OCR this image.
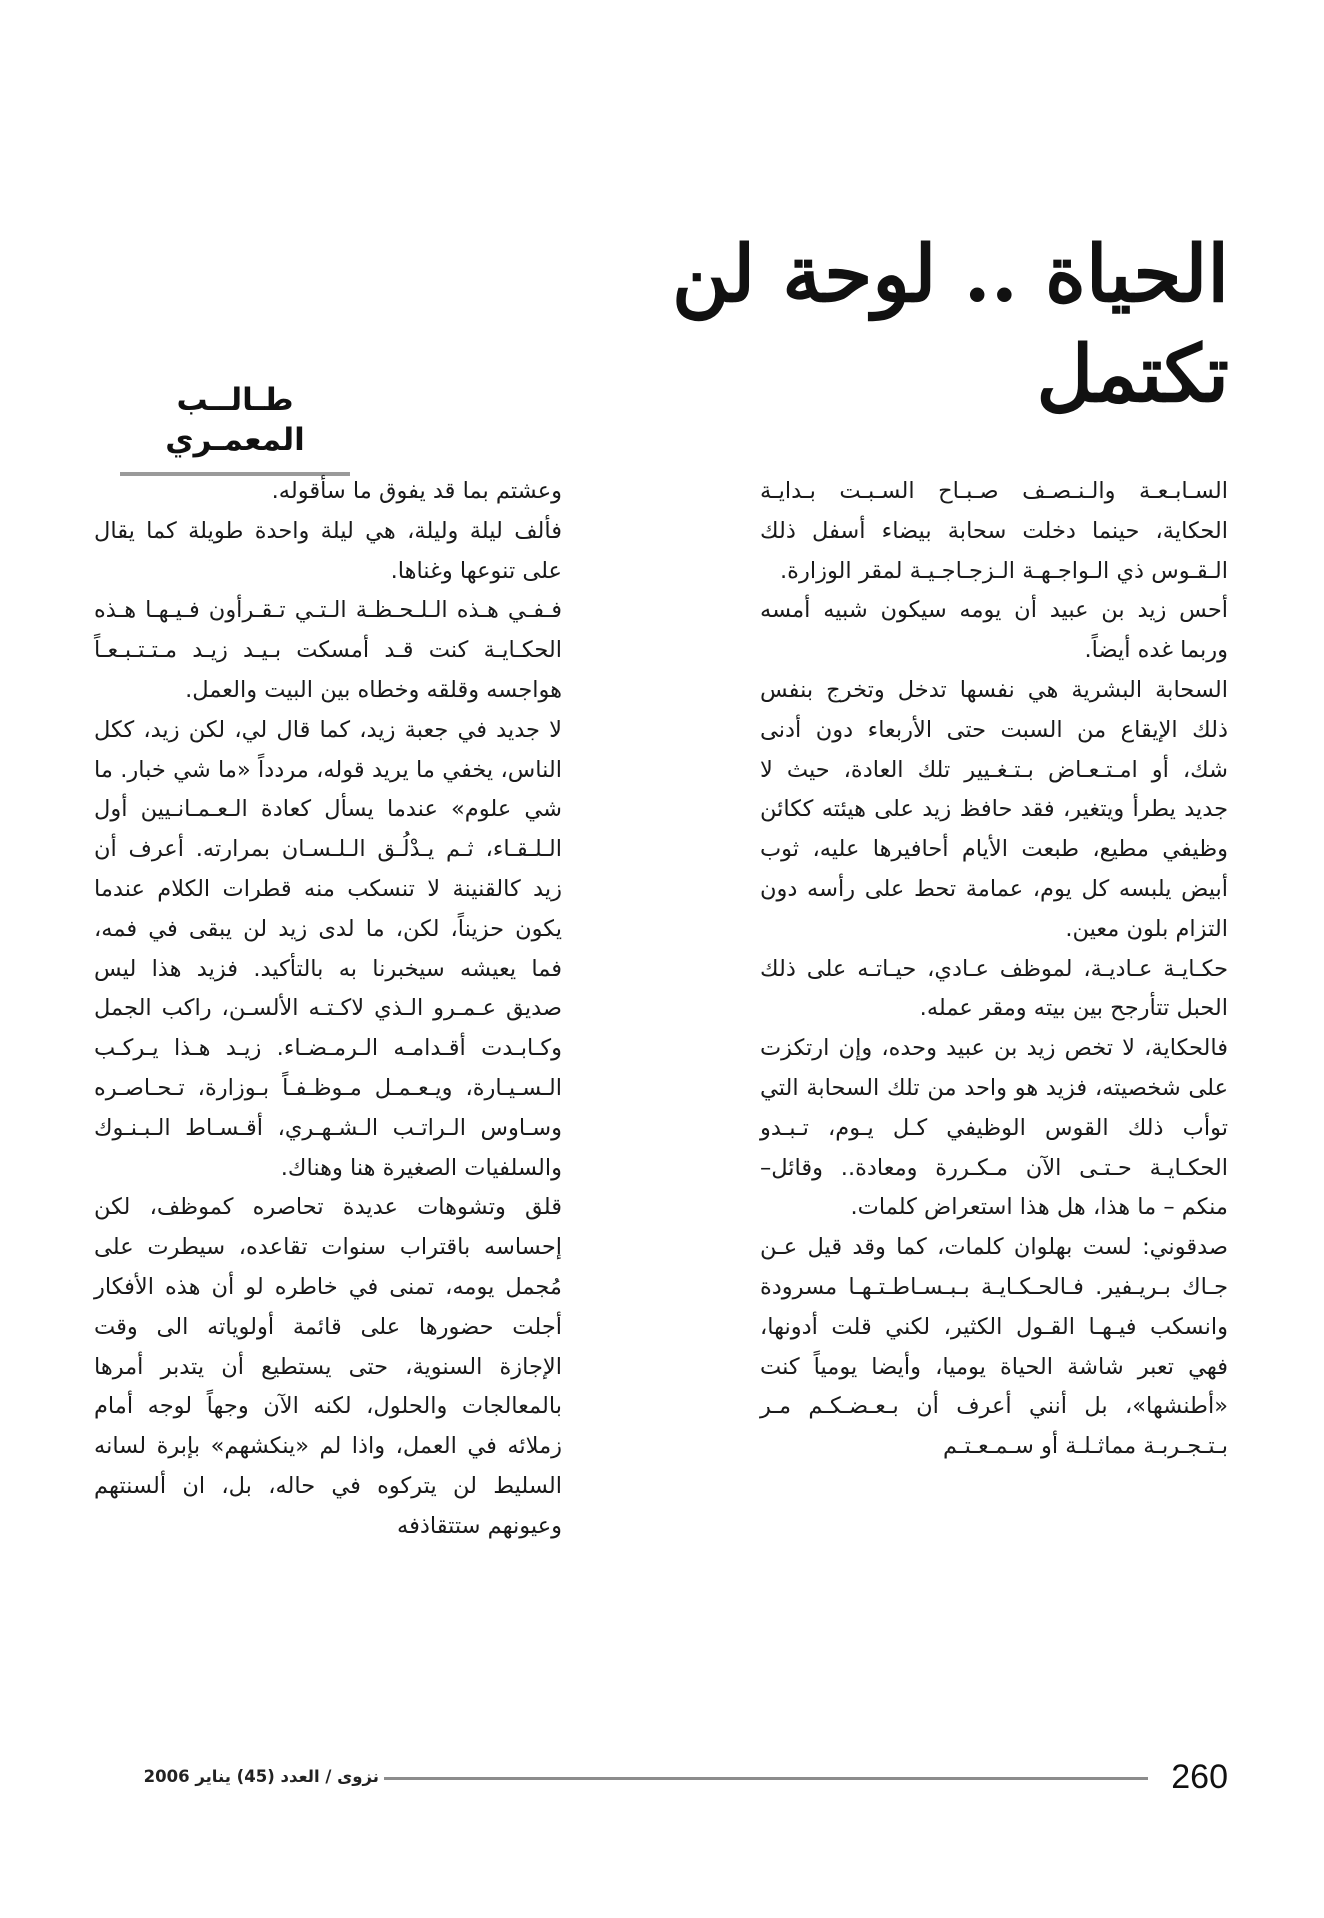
الحياة .. لوحة لن تكتمل
طـالــب المعمـري

السـابـعـة والـنـصـف صـبـاح السـبـت بـدايـة الحكاية، حينما دخلت سحابة بيضاء أسفل ذلك الـقـوس ذي الـواجـهـة الـزجـاجـيـة لمقر الوزارة.

أحس زيد بن عبيد أن يومه سيكون شبيه أمسه وربما غده أيضاً.

السحابة البشرية هي نفسها تدخل وتخرج بنفس ذلك الإيقاع من السبت حتى الأربعاء دون أدنى شك، أو امـتـعـاض بـتـغـيير تلك العادة، حيث لا جديد يطرأ ويتغير، فقد حافظ زيد على هيئته ككائن وظيفي مطيع، طبعت الأيام أحافيرها عليه، ثوب أبيض يلبسه كل يوم، عمامة تحط على رأسه دون التزام بلون معين.

حكـايـة عـاديـة، لموظف عـادي، حيـاتـه على ذلك الحبل تتأرجح بين بيته ومقر عمله.

فالحكاية، لا تخص زيد بن عبيد وحده، وإن ارتكزت على شخصيته، فزيد هو واحد من تلك السحابة التي توأب ذلك القوس الوظيفي كـل يـوم، تـبـدو الحكـايـة حـتـى الآن مـكـررة ومعادة.. وقائل– منكم – ما هذا، هل هذا استعراض كلمات.

صدقوني: لست بهلوان كلمات، كما وقد قيل عـن جـاك بـريـفير. فـالحـكـايـة بـبـسـاطـتـهـا مسرودة وانسكب فيـهـا القـول الكثير، لكني قلت أدونها، فهي تعبر شاشة الحياة يوميا، وأيضا يومياً كنت «أطنشها»، بل أنني أعرف أن بـعـضـكـم مـر بـتـجـربـة مماثـلـة أو سـمـعـتـم

وعشتم بما قد يفوق ما سأقوله.

فألف ليلة وليلة، هي ليلة واحدة طويلة كما يقال على تنوعها وغناها.

فـفـي هـذه الـلـحـظـة الـتـي تـقـرأون فـيـهـا هـذه الحكـايـة كنت قـد أمسكت بـيـد زيـد مـتـتـبـعـاً هواجسه وقلقه وخطاه بين البيت والعمل.

لا جديد في جعبة زيد، كما قال لي، لكن زيد، ككل الناس، يخفي ما يريد قوله، مردداً «ما شي خبار. ما شي علوم» عندما يسأل كعادة الـعـمـانـيين أول الـلـقـاء، ثـم يـدْلُـق الـلـسـان بمرارته. أعرف أن زيد كالقنينة لا تنسكب منه قطرات الكلام عندما يكون حزيناً، لكن، ما لدى زيد لن يبقى في فمه، فما يعيشه سيخبرنا به بالتأكيد. فزيد هذا ليس صديق عـمـرو الـذي لاكـتـه الألسـن، راكب الجمل وكـابـدت أقـدامـه الـرمـضـاء. زيـد هـذا يـركـب الـسـيـارة، ويـعـمـل مـوظـفـاً بـوزارة، تـحـاصـره وسـاوس الـراتـب الـشـهـري، أقـسـاط الـبـنـوك والسلفيات الصغيرة هنا وهناك.

قلق وتشوهات عديدة تحاصره كموظف، لكن إحساسه باقتراب سنوات تقاعده، سيطرت على مُجمل يومه، تمنى في خاطره لو أن هذه الأفكار أجلت حضورها على قائمة أولوياته الى وقت الإجازة السنوية، حتى يستطيع أن يتدبر أمرها بالمعالجات والحلول، لكنه الآن وجهاً لوجه أمام زملائه في العمل، واذا لم «ينكشهم» بإبرة لسانه السليط لن يتركوه في حاله، بل، ان ألسنتهم وعيونهم ستتقاذفه

260
نزوى / العدد (45) يناير 2006
